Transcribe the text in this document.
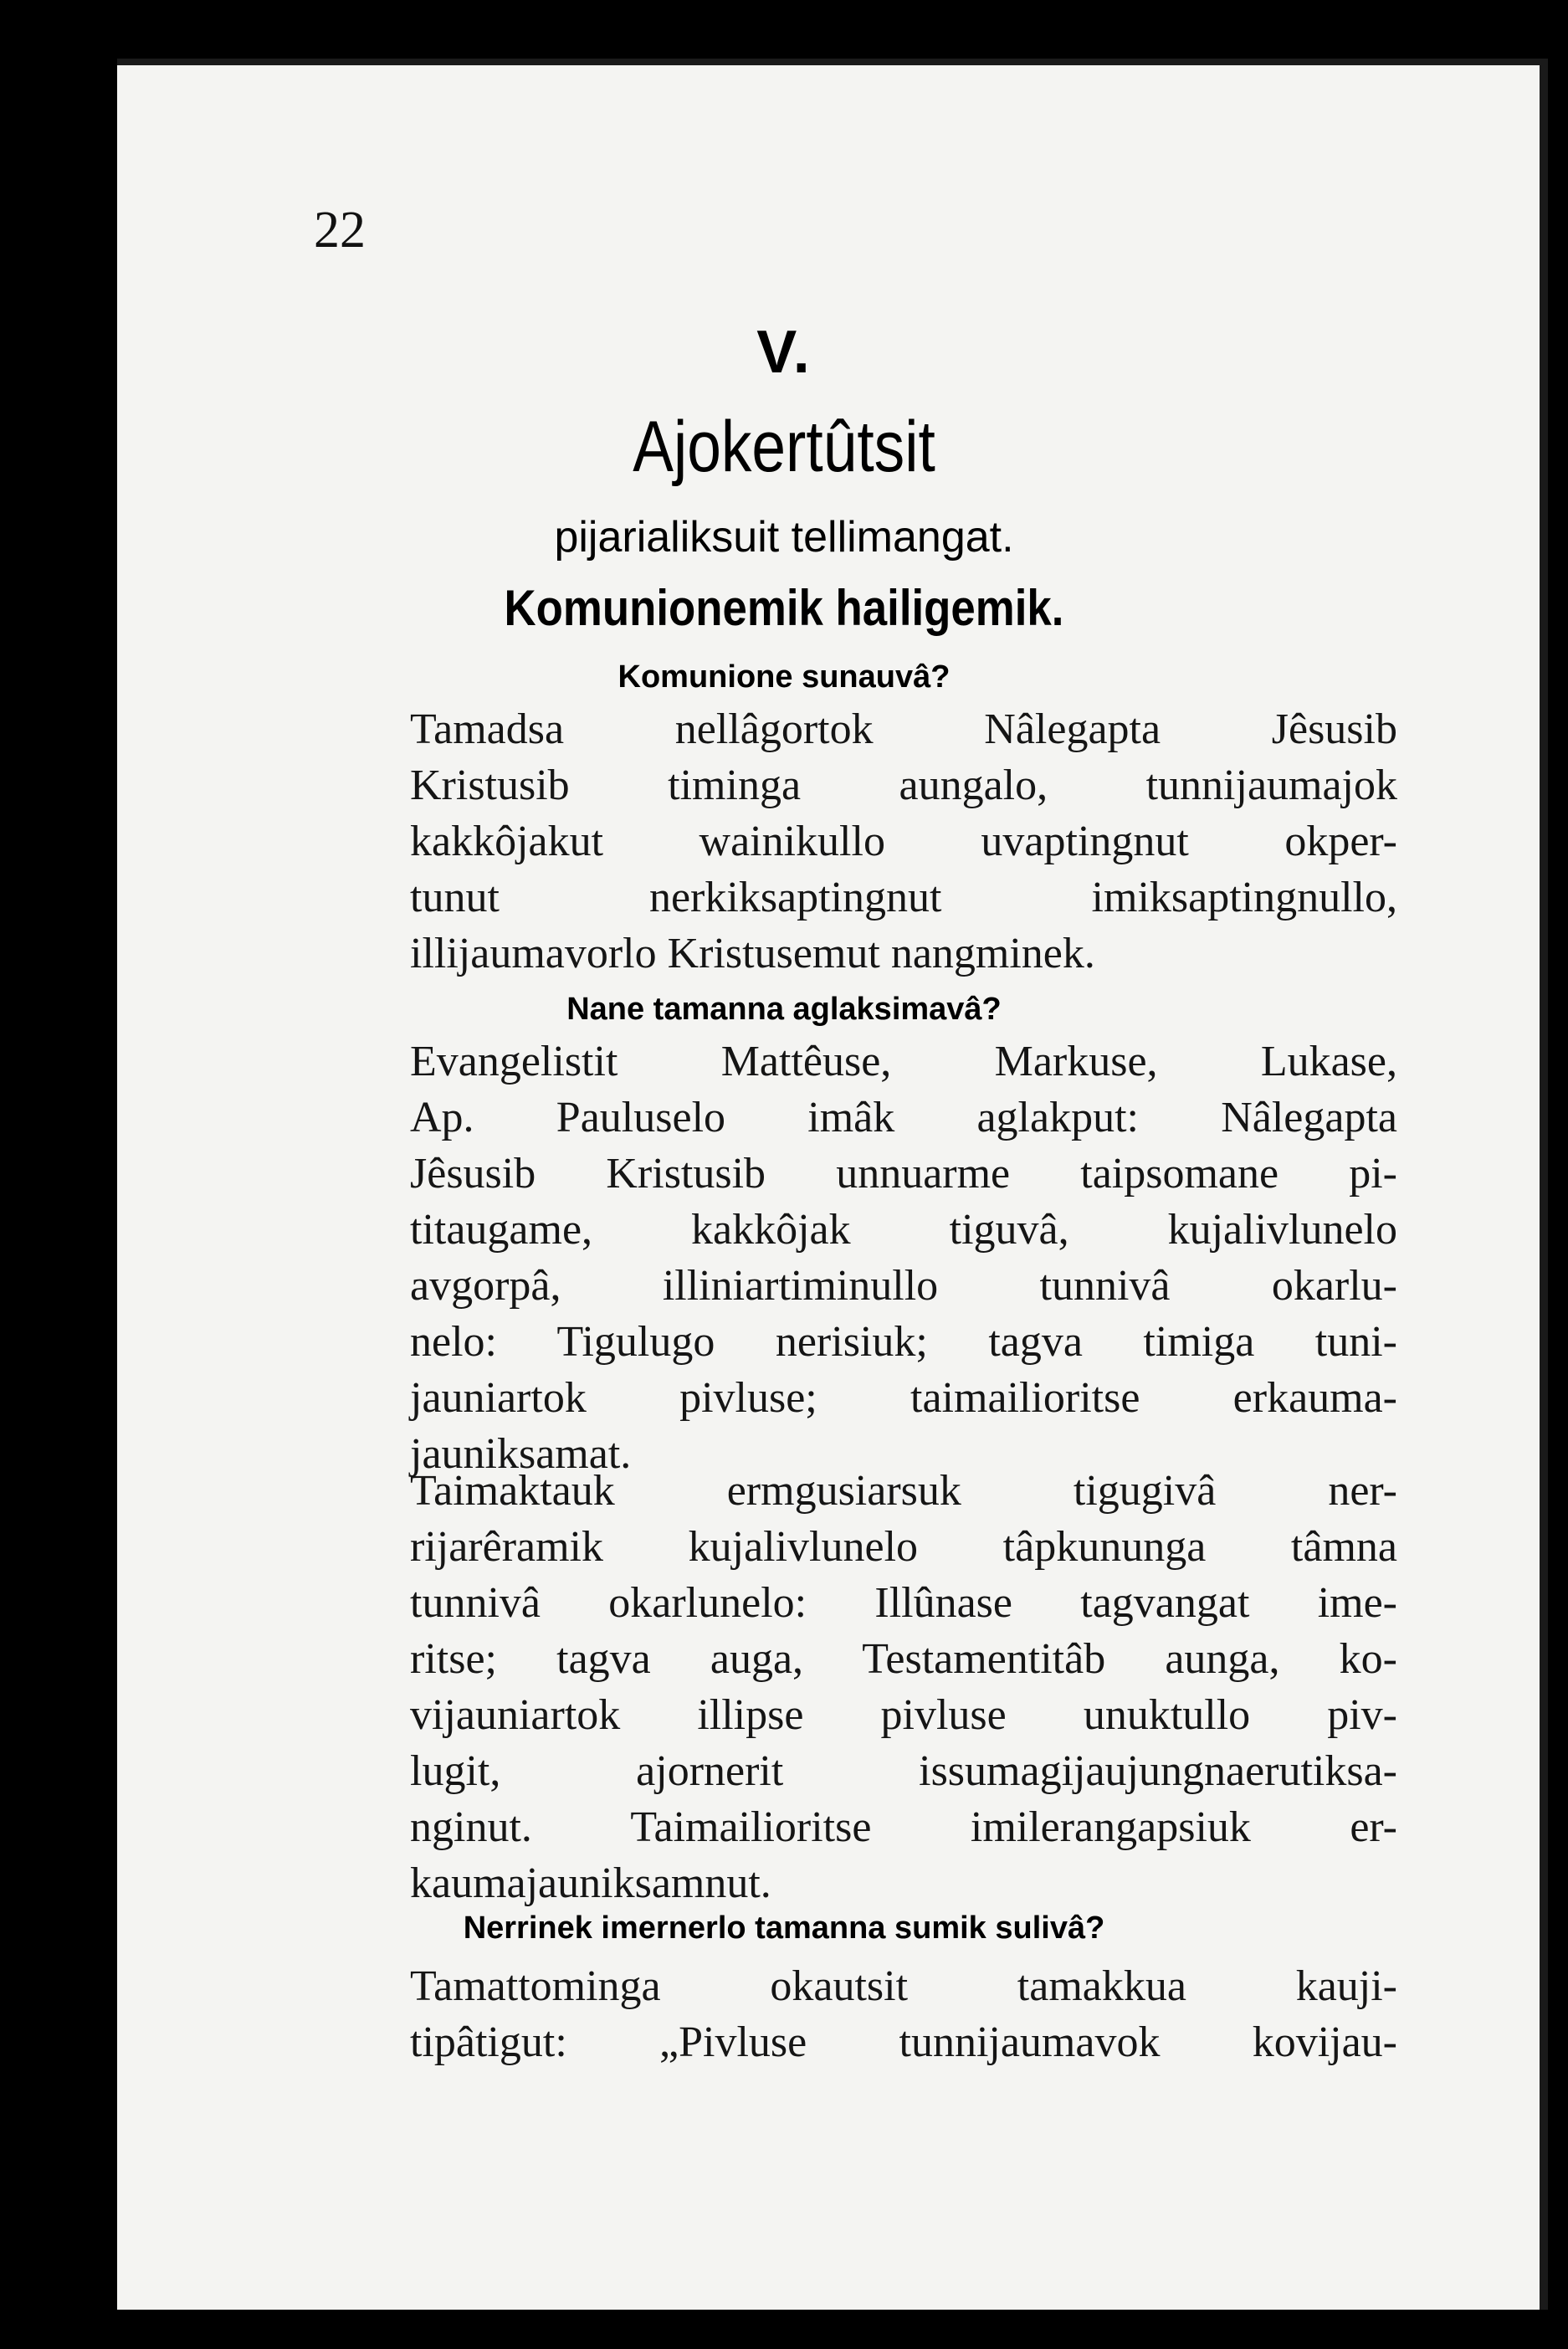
22
V.
Ajokertûtsit
pijarialiksuit tellimangat.
Komunionemik hailigemik.
Komunione sunauvâ?
Tamadsa nellâgortok Nâlegapta Jêsusib
Kristusib timinga aungalo, tunnijaumajok
kakkôjakut wainikullo uvaptingnut okper-
tunut nerkiksaptingnut imiksaptingnullo,
illijaumavorlo Kristusemut nangminek.
Nane tamanna aglaksimavâ?
Evangelistit Mattêuse, Markuse, Lukase,
Ap. Pauluselo imâk aglakput: Nâlegapta
Jêsusib Kristusib unnuarme taipsomane pi-
titaugame, kakkôjak tiguvâ, kujalivlunelo
avgorpâ, illiniartiminullo tunnivâ okarlu-
nelo: Tigulugo nerisiuk; tagva timiga tuni-
jauniartok pivluse; taimailioritse erkauma-
jauniksamat.
Taimaktauk ermgusiarsuk tigugivâ ner-
rijarêramik kujalivlunelo tâpkununga tâmna
tunnivâ okarlunelo: Illûnase tagvangat ime-
ritse; tagva auga, Testamentitâb aunga, ko-
vijauniartok illipse pivluse unuktullo piv-
lugit, ajornerit issumagijaujungnaerutiksa-
nginut. Taimailioritse imilerangapsiuk er-
kaumajauniksamnut.
Nerrinek imernerlo tamanna sumik sulivâ?
Tamattominga okautsit tamakkua kauji-
tipâtigut: „Pivluse tunnijaumavok kovijau-
